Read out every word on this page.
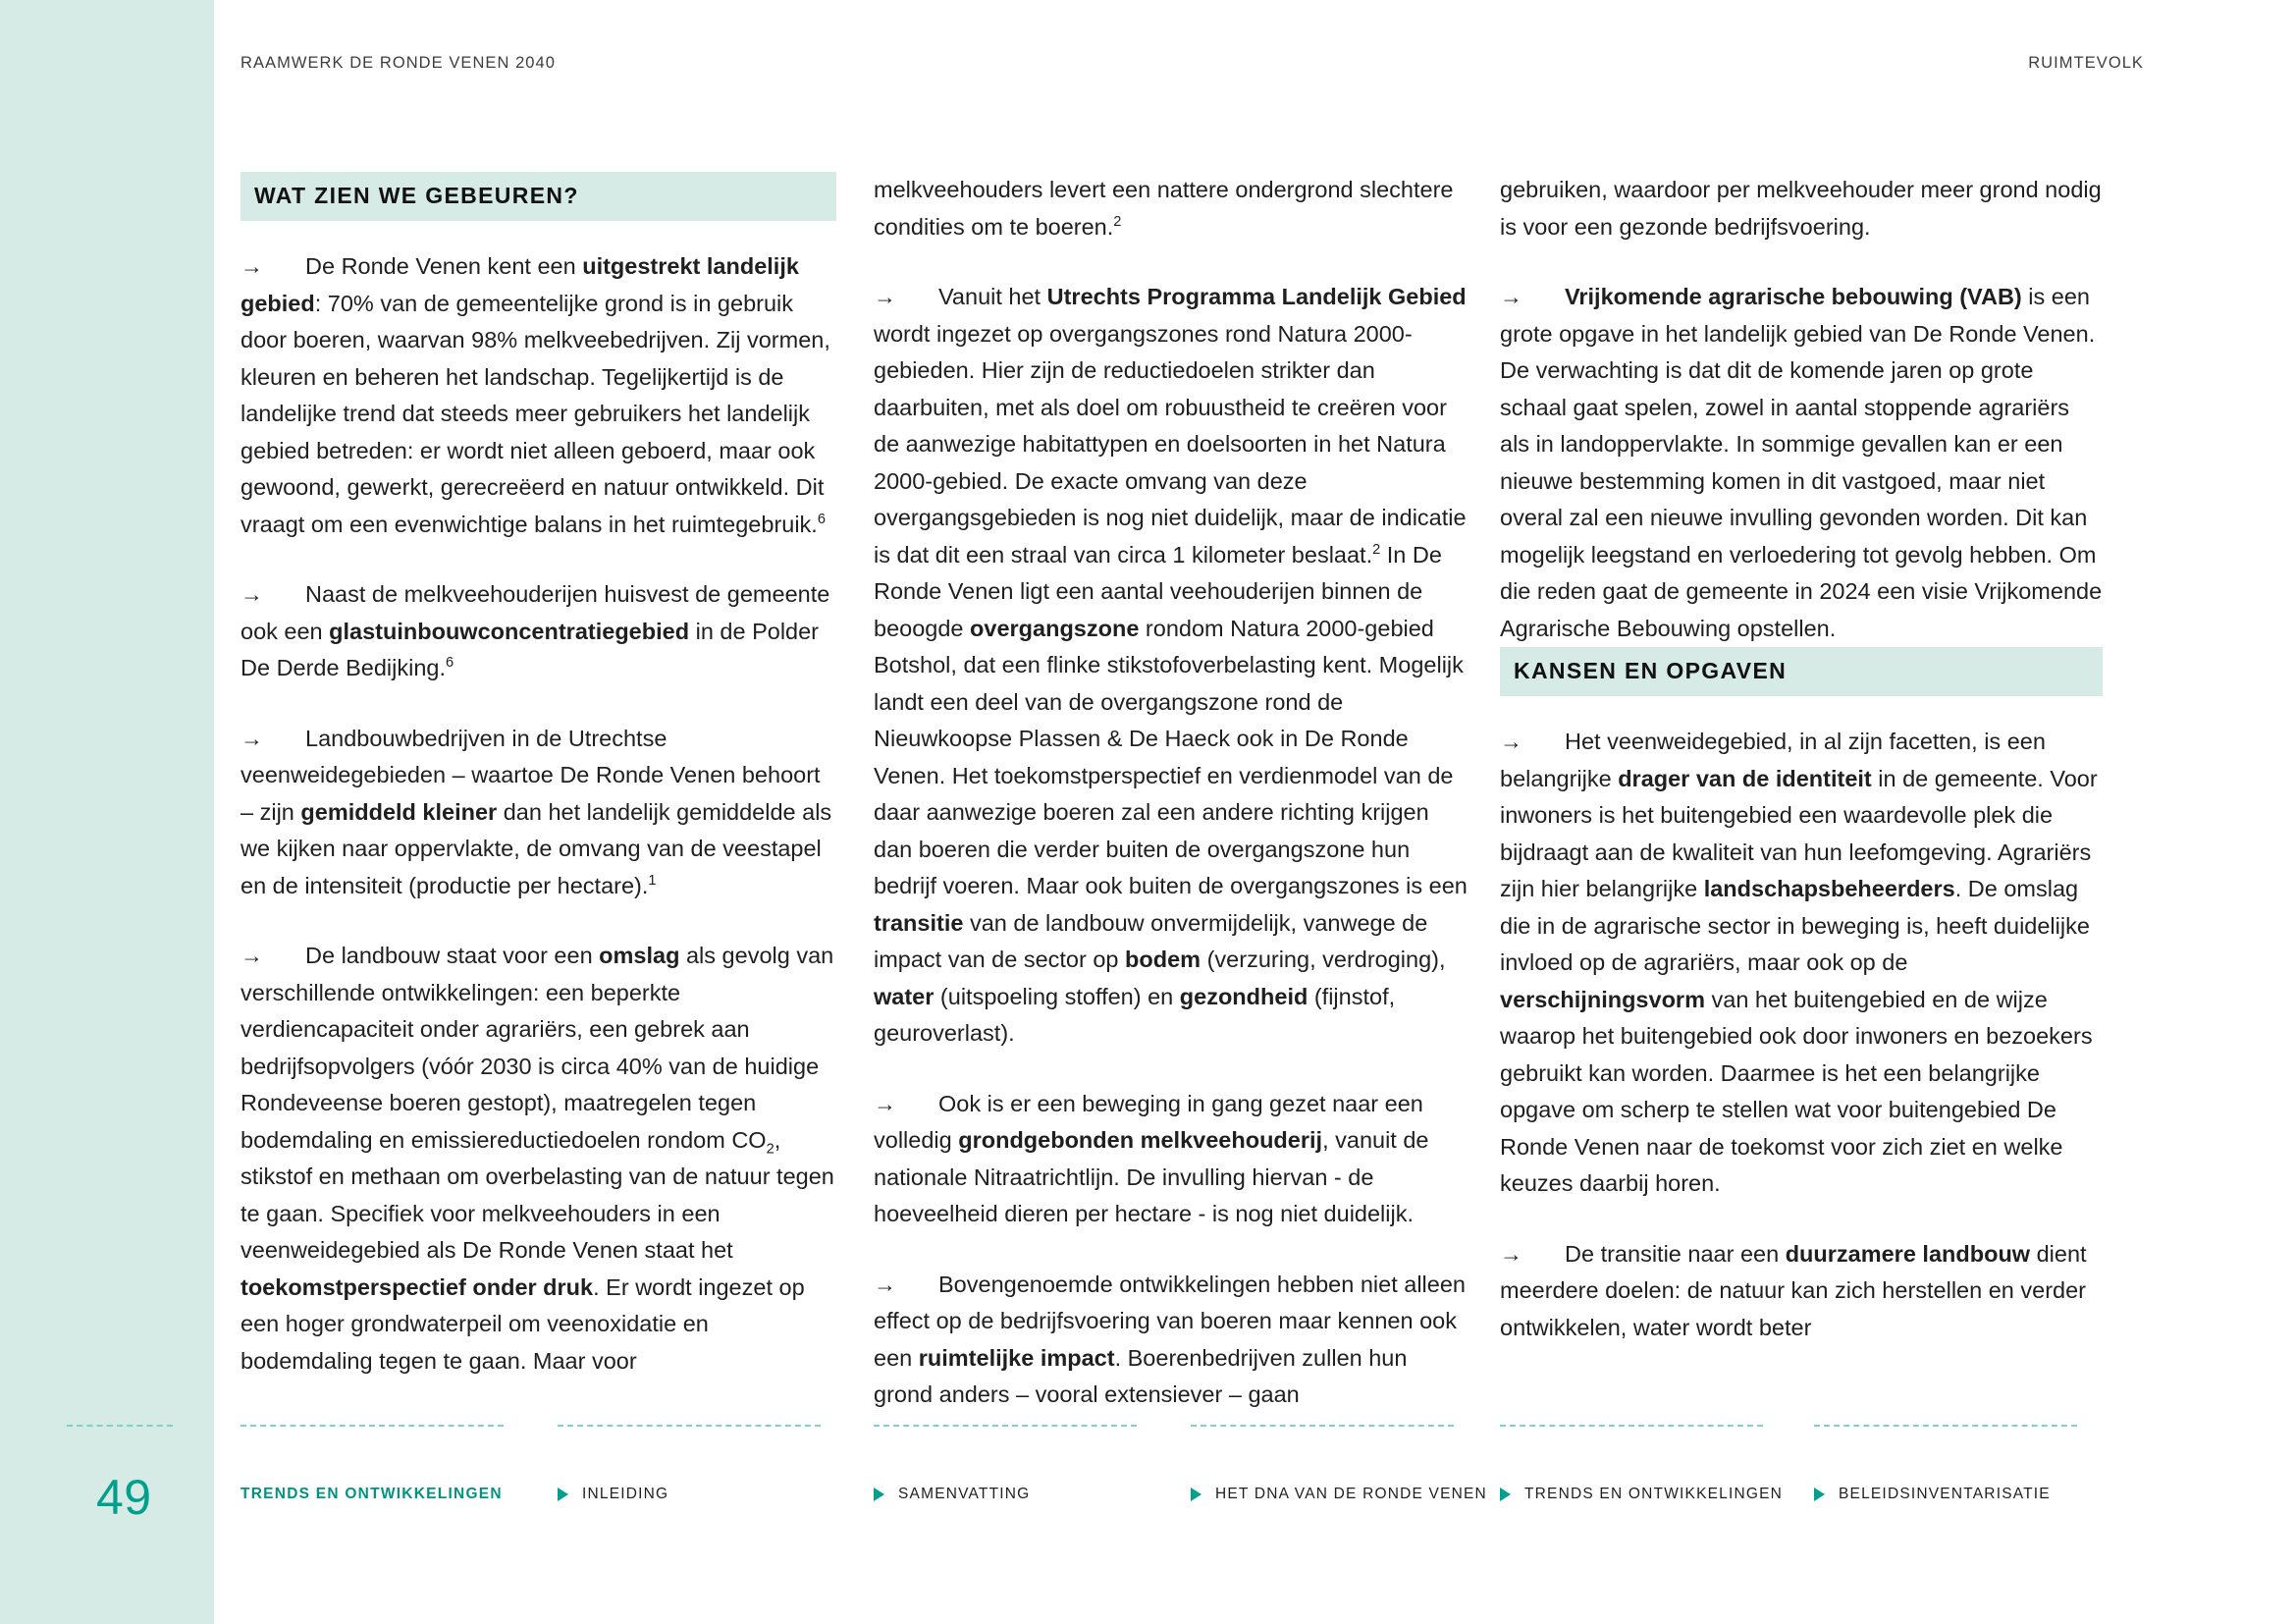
RAAMWERK DE RONDE VENEN 2040	RUIMTEVOLK
WAT ZIEN WE GEBEUREN?

→ De Ronde Venen kent een uitgestrekt landelijk gebied: 70% van de gemeentelijke grond is in gebruik door boeren, waarvan 98% melkveebedrijven. Zij vormen, kleuren en beheren het landschap. Tegelijkertijd is de landelijke trend dat steeds meer gebruikers het landelijk gebied betreden: er wordt niet alleen geboerd, maar ook gewoond, gewerkt, gerecreëerd en natuur ontwikkeld. Dit vraagt om een evenwichtige balans in het ruimtegebruik.$^6$

→ Naast de melkveehouderijen huisvest de gemeente ook een glastuinbouwconcentratiegebied in de Polder De Derde Bedijking.$^6$

→ Landbouwbedrijven in de Utrechtse veenweidegebieden – waartoe De Ronde Venen behoort – zijn gemiddeld kleiner dan het landelijk gemiddelde als we kijken naar oppervlakte, de omvang van de veestapel en de intensiteit (productie per hectare).$^1$

→ De landbouw staat voor een omslag als gevolg van verschillende ontwikkelingen: een beperkte verdiencapaciteit onder agrariërs, een gebrek aan bedrijfsopvolgers (vóór 2030 is circa 40% van de huidige Rondeveense boeren gestopt), maatregelen tegen bodemdaling en emissiereductiedoelen rondom $CO_2$, stikstof en methaan om overbelasting van de natuur tegen te gaan. Specifiek voor melkveehouders in een veenweidegebied als De Ronde Venen staat het toekomstperspectief onder druk. Er wordt ingezet op een hoger grondwaterpeil om veenoxidatie en bodemdaling tegen te gaan. Maar voor

melkveehouders levert een nattere ondergrond slechtere condities om te boeren.$^2$

→ Vanuit het Utrechts Programma Landelijk Gebied wordt ingezet op overgangszones rond Natura 2000-gebieden. Hier zijn de reductiedoelen strikter dan daarbuiten, met als doel om robuustheid te creëren voor de aanwezige habitattypen en doelsoorten in het Natura 2000-gebied. De exacte omvang van deze overgangsgebieden is nog niet duidelijk, maar de indicatie is dat dit een straal van circa 1 kilometer beslaat.$^2$ In De Ronde Venen ligt een aantal veehouderijen binnen de beoogde overgangszone rondom Natura 2000-gebied Botshol, dat een flinke stikstofoverbelasting kent. Mogelijk landt een deel van de overgangszone rond de Nieuwkoopse Plassen & De Haeck ook in De Ronde Venen. Het toekomstperspectief en verdienmodel van de daar aanwezige boeren zal een andere richting krijgen dan boeren die verder buiten de overgangszone hun bedrijf voeren. Maar ook buiten de overgangszones is een transitie van de landbouw onvermijdelijk, vanwege de impact van de sector op bodem (verzuring, verdroging), water (uitspoeling stoffen) en gezondheid (fijnstof, geuroverlast).

→ Ook is er een beweging in gang gezet naar een volledig grondgebonden melkveehouderij, vanuit de nationale Nitraatrichtlijn. De invulling hiervan - de hoeveelheid dieren per hectare - is nog niet duidelijk.

→ Bovengenoemde ontwikkelingen hebben niet alleen effect op de bedrijfsvoering van boeren maar kennen ook een ruimtelijke impact. Boerenbedrijven zullen hun grond anders – vooral extensiever – gaan

gebruiken, waardoor per melkveehouder meer grond nodig is voor een gezonde bedrijfsvoering.

→ Vrijkomende agrarische bebouwing (VAB) is een grote opgave in het landelijk gebied van De Ronde Venen. De verwachting is dat dit de komende jaren op grote schaal gaat spelen, zowel in aantal stoppende agrariërs als in landoppervlakte. In sommige gevallen kan er een nieuwe bestemming komen in dit vastgoed, maar niet overal zal een nieuwe invulling gevonden worden. Dit kan mogelijk leegstand en verloedering tot gevolg hebben. Om die reden gaat de gemeente in 2024 een visie Vrijkomende Agrarische Bebouwing opstellen.

KANSEN EN OPGAVEN

→ Het veenweidegebied, in al zijn facetten, is een belangrijke drager van de identiteit in de gemeente. Voor inwoners is het buitengebied een waardevolle plek die bijdraagt aan de kwaliteit van hun leefomgeving. Agrariërs zijn hier belangrijke landschapsbeheerders. De omslag die in de agrarische sector in beweging is, heeft duidelijke invloed op de agrariërs, maar ook op de verschijningsvorm van het buitengebied en de wijze waarop het buitengebied ook door inwoners en bezoekers gebruikt kan worden. Daarmee is het een belangrijke opgave om scherp te stellen wat voor buitengebied De Ronde Venen naar de toekomst voor zich ziet en welke keuzes daarbij horen.

→ De transitie naar een duurzamere landbouw dient meerdere doelen: de natuur kan zich herstellen en verder ontwikkelen, water wordt beter

49	TRENDS EN ONTWIKKELINGEN	INLEIDING	SAMENVATTING	HET DNA VAN DE RONDE VENEN TRENDS EN ONTWIKKELINGEN	BELEIDSINVENTARISATIE
